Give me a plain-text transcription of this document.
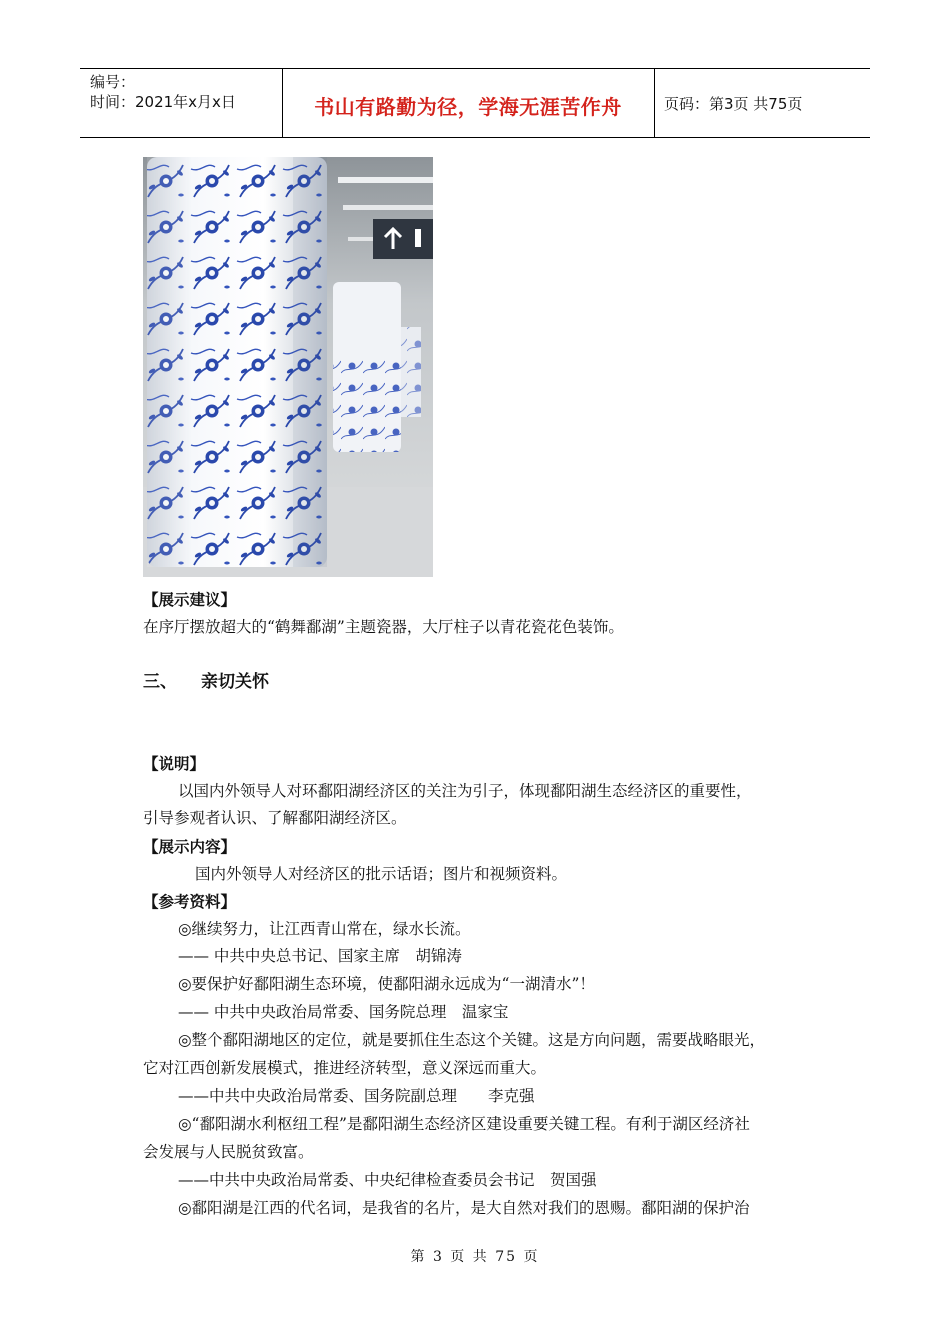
编号：
时间：2021年x月x日	书山有路勤为径，学海无涯苦作舟	页码：第3页 共75页
【展示建议】
在序厅摆放超大的“鹤舞鄱湖”主题瓷器，大厅柱子以青花瓷花色装饰。
三、 亲切关怀
【说明】
以国内外领导人对环鄱阳湖经济区的关注为引子，体现鄱阳湖生态经济区的重要性，
引导参观者认识、了解鄱阳湖经济区。
【展示内容】
国内外领导人对经济区的批示话语；图片和视频资料。
【参考资料】
◎继续努力，让江西青山常在，绿水长流。
—— 中共中央总书记、国家主席　胡锦涛
◎要保护好鄱阳湖生态环境，使鄱阳湖永远成为“一湖清水”！
—— 中共中央政治局常委、国务院总理　温家宝
◎整个鄱阳湖地区的定位，就是要抓住生态这个关键。这是方向问题，需要战略眼光，
它对江西创新发展模式，推进经济转型，意义深远而重大。
——中共中央政治局常委、国务院副总理　　李克强
◎“鄱阳湖水利枢纽工程”是鄱阳湖生态经济区建设重要关键工程。有利于湖区经济社
会发展与人民脱贫致富。
——中共中央政治局常委、中央纪律检查委员会书记　贺国强
◎鄱阳湖是江西的代名词，是我省的名片，是大自然对我们的恩赐。鄱阳湖的保护治
第 3 页 共 75 页
